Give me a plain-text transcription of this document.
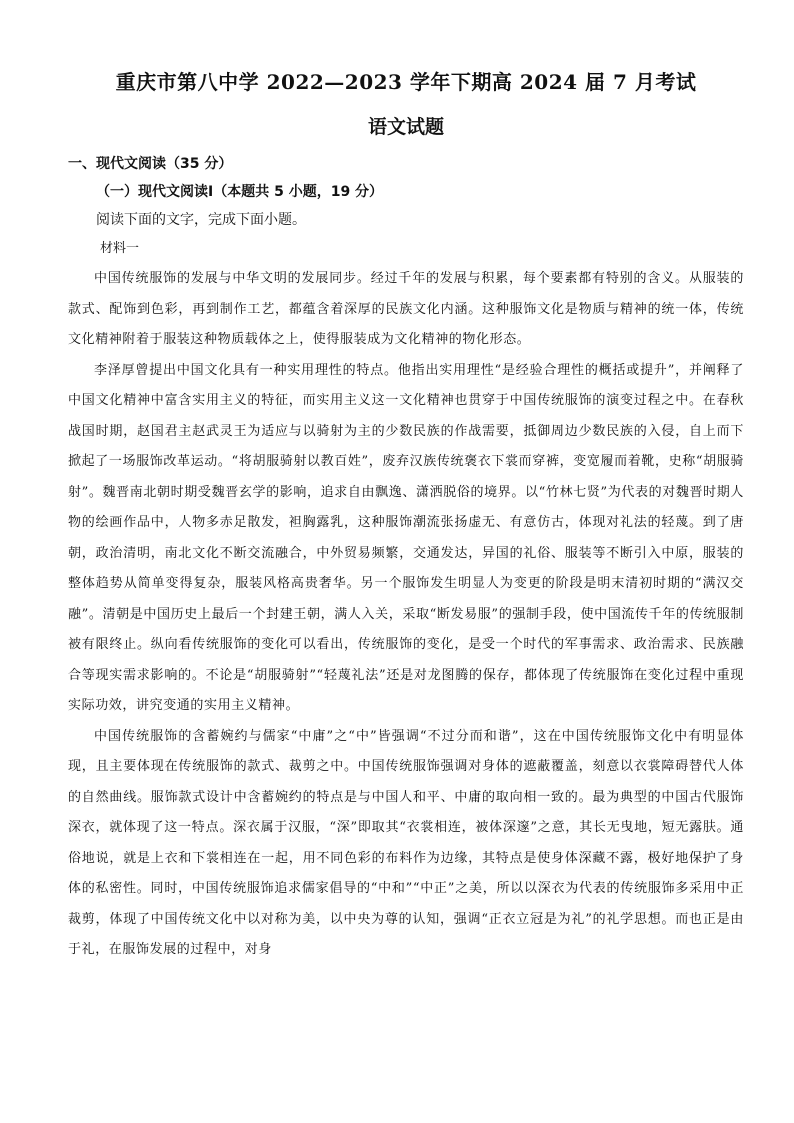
重庆市第八中学 2022—2023 学年下期高 2024 届 7 月考试
语文试题
一、现代文阅读（35 分）
（一）现代文阅读Ⅰ（本题共 5 小题，19 分）
阅读下面的文字，完成下面小题。
材料一

中国传统服饰的发展与中华文明的发展同步。经过千年的发展与积累，每个要素都有特别的含义。从服装的款式、配饰到色彩，再到制作工艺，都蕴含着深厚的民族文化内涵。这种服饰文化是物质与精神的统一体，传统文化精神附着于服装这种物质载体之上，使得服装成为文化精神的物化形态。

李泽厚曾提出中国文化具有一种实用理性的特点。他指出实用理性“是经验合理性的概括或提升”，并阐释了中国文化精神中富含实用主义的特征，而实用主义这一文化精神也贯穿于中国传统服饰的演变过程之中。在春秋战国时期，赵国君主赵武灵王为适应与以骑射为主的少数民族的作战需要，抵御周边少数民族的入侵，自上而下掀起了一场服饰改革运动。“将胡服骑射以教百姓”，废弃汉族传统褒衣下裳而穿裤，变宽履而着靴，史称“胡服骑射”。魏晋南北朝时期受魏晋玄学的影响，追求自由飘逸、潇洒脱俗的境界。以“竹林七贤”为代表的对魏晋时期人物的绘画作品中，人物多赤足散发，袒胸露乳，这种服饰潮流张扬虚无、有意仿古，体现对礼法的轻蔑。到了唐朝，政治清明，南北文化不断交流融合，中外贸易频繁，交通发达，异国的礼俗、服装等不断引入中原，服装的整体趋势从简单变得复杂，服装风格高贵奢华。另一个服饰发生明显人为变更的阶段是明末清初时期的“满汉交融”。清朝是中国历史上最后一个封建王朝，满人入关，采取“断发易服”的强制手段，使中国流传千年的传统服制被有限终止。纵向看传统服饰的变化可以看出，传统服饰的变化，是受一个时代的军事需求、政治需求、民族融合等现实需求影响的。不论是“胡服骑射”“轻蔑礼法”还是对龙图腾的保存，都体现了传统服饰在变化过程中重现实际功效，讲究变通的实用主义精神。

中国传统服饰的含蓄婉约与儒家“中庸”之“中”皆强调“不过分而和谐”，这在中国传统服饰文化中有明显体现，且主要体现在传统服饰的款式、裁剪之中。中国传统服饰强调对身体的遮蔽覆盖，刻意以衣裳障碍替代人体的自然曲线。服饰款式设计中含蓄婉约的特点是与中国人和平、中庸的取向相一致的。最为典型的中国古代服饰深衣，就体现了这一特点。深衣属于汉服，“深”即取其“衣裳相连，被体深邃”之意，其长无曳地，短无露肤。通俗地说，就是上衣和下裳相连在一起，用不同色彩的布料作为边缘，其特点是使身体深藏不露，极好地保护了身体的私密性。同时，中国传统服饰追求儒家倡导的“中和”“中正”之美，所以以深衣为代表的传统服饰多采用中正裁剪，体现了中国传统文化中以对称为美，以中央为尊的认知，强调“正衣立冠是为礼”的礼学思想。而也正是由于礼，在服饰发展的过程中，对身
